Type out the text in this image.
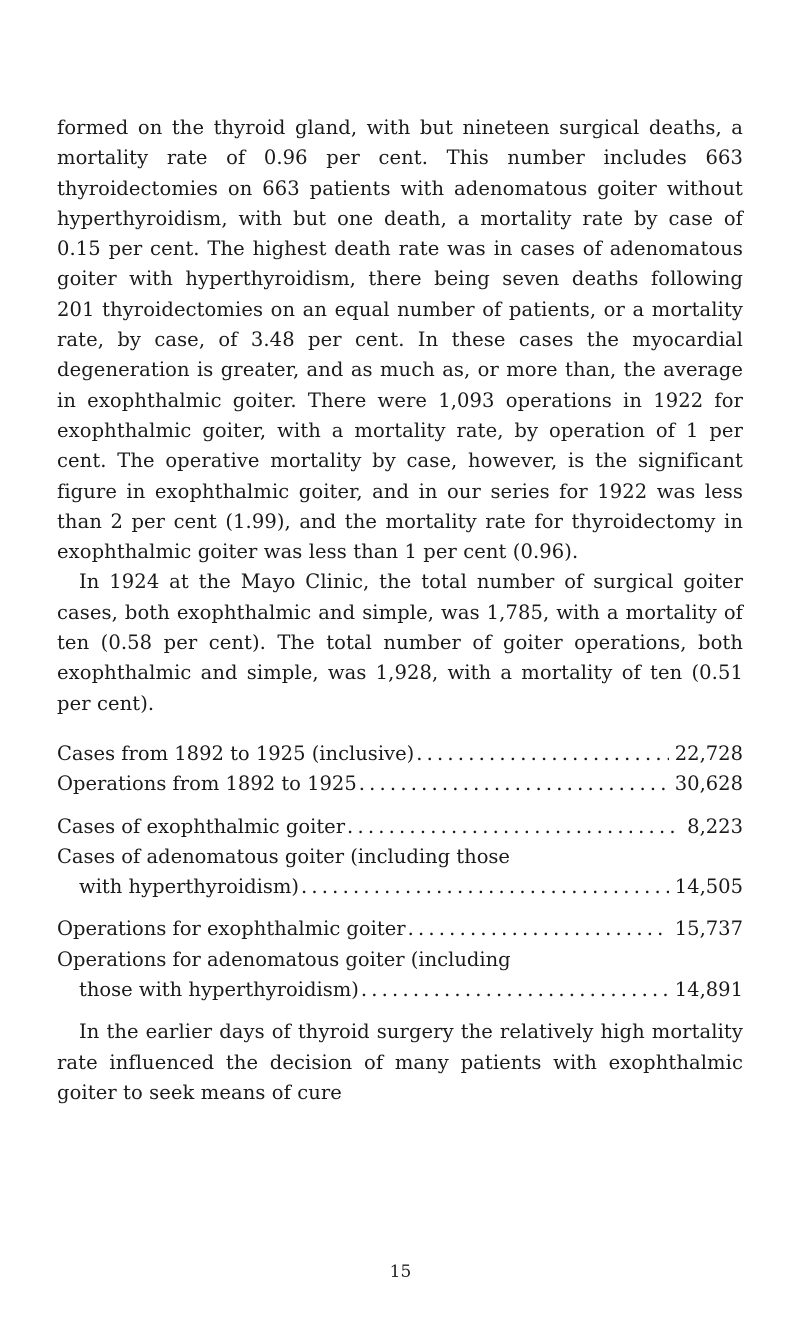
formed on the thyroid gland, with but nineteen surgical deaths, a mortality rate of 0.96 per cent. This number includes 663 thyroidectomies on 663 patients with adenomatous goiter without hyperthyroidism, with but one death, a mortality rate by case of 0.15 per cent. The highest death rate was in cases of adenomatous goiter with hyperthyroidism, there being seven deaths following 201 thyroidectomies on an equal number of patients, or a mortality rate, by case, of 3.48 per cent. In these cases the myocardial degeneration is greater, and as much as, or more than, the average in exophthalmic goiter. There were 1,093 operations in 1922 for exophthalmic goiter, with a mortality rate, by operation of 1 per cent. The operative mortality by case, however, is the significant figure in exophthalmic goiter, and in our series for 1922 was less than 2 per cent (1.99), and the mortality rate for thyroidectomy in exophthalmic goiter was less than 1 per cent (0.96).

In 1924 at the Mayo Clinic, the total number of surgical goiter cases, both exophthalmic and simple, was 1,785, with a mortality of ten (0.58 per cent). The total number of goiter operations, both exophthalmic and simple, was 1,928, with a mortality of ten (0.51 per cent).

Cases from 1892 to 1925 (inclusive) . . .	22,728
Operations from 1892 to 1925 . . .	30,628
Cases of exophthalmic goiter . . .	8,223
Cases of adenomatous goiter (including those
with hyperthyroidism) . . .	14,505
Operations for exophthalmic goiter . . .	15,737
Operations for adenomatous goiter (including
those with hyperthyroidism) . . .	14,891

In the earlier days of thyroid surgery the relatively high mortality rate influenced the decision of many patients with exophthalmic goiter to seek means of cure

15
